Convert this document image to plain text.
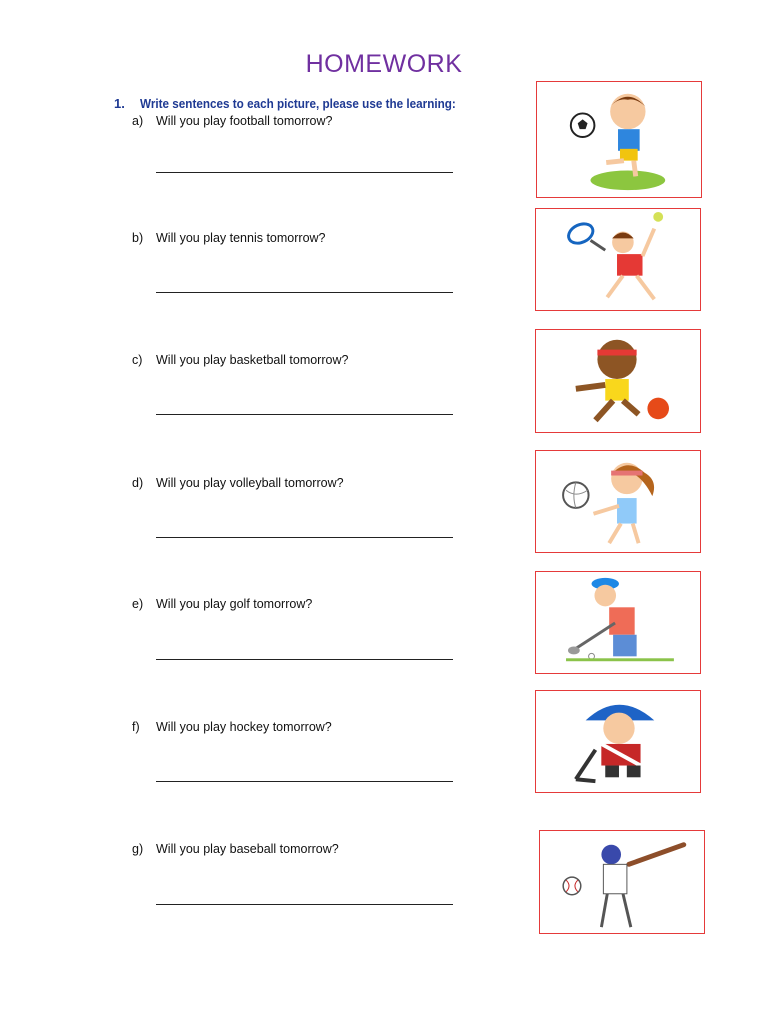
HOMEWORK
1. Write sentences to each picture, please use the learning:
a) Will you play football tomorrow?
b) Will you play tennis tomorrow?
c) Will you play basketball tomorrow?
d) Will you play volleyball tomorrow?
e) Will you play golf tomorrow?
f) Will you play hockey tomorrow?
g) Will you play baseball tomorrow?
